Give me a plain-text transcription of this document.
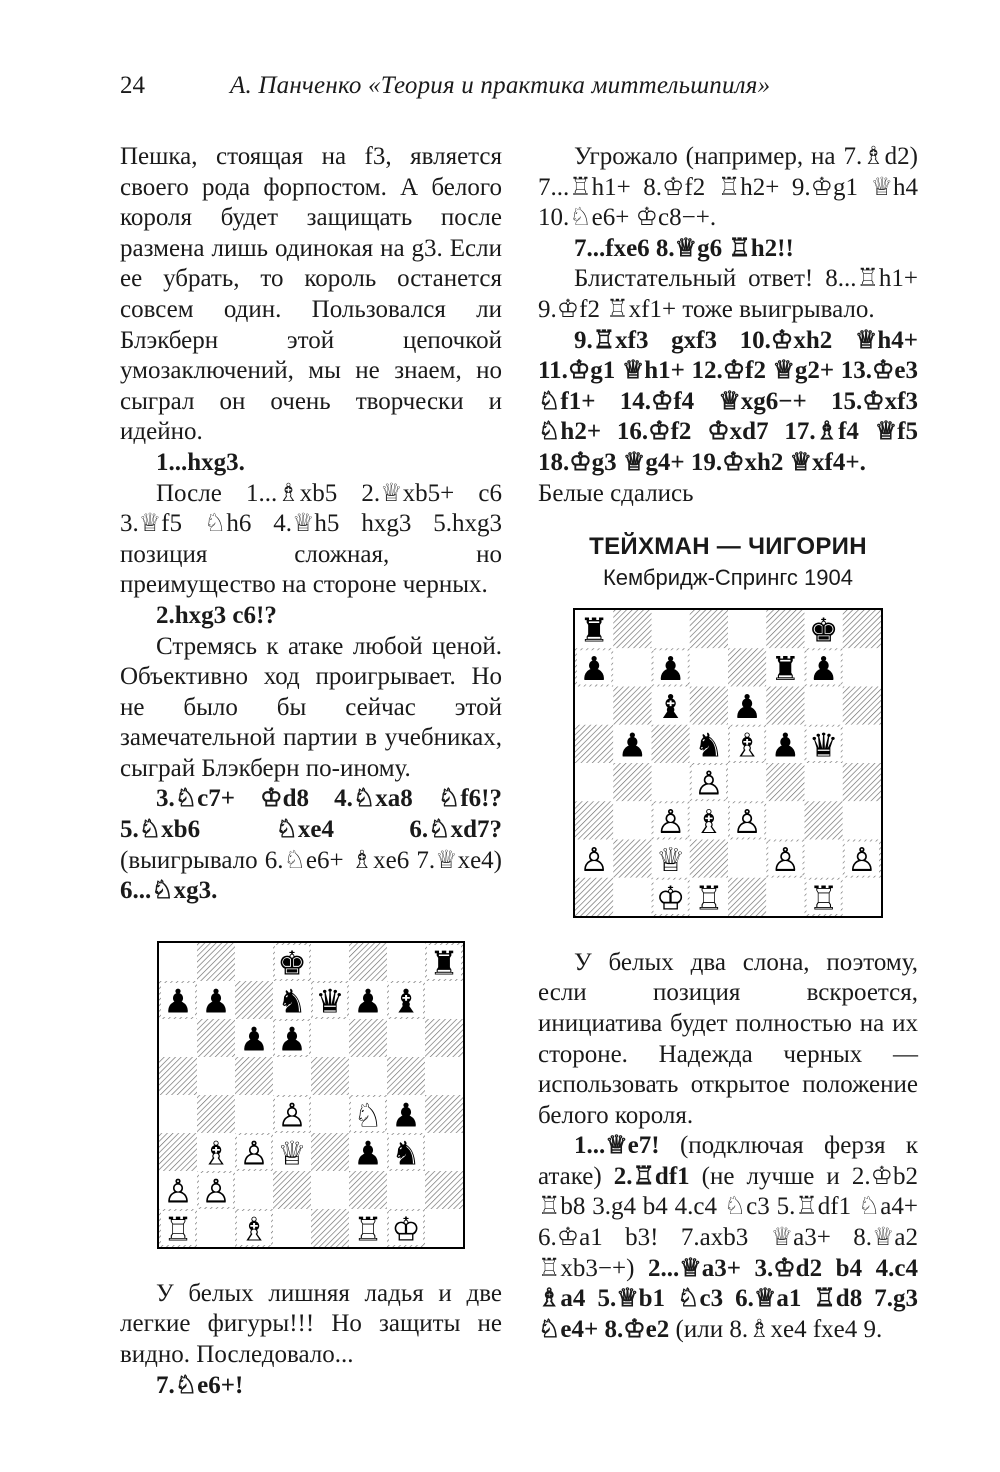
24	А. Панченко «Теория и практика миттельшпиля»

Пешка, стоящая на f3, является своего рода форпостом. А белого короля будет защищать после размена лишь одинокая на g3. Если ее убрать, то король останется совсем один. Пользовался ли Блэкберн этой цепочкой умозаключений, мы не знаем, но сыграл он очень творчески и идейно.

1...hxg3.

После 1...♗xb5 2.♕xb5+ c6 3.♕f5 ♘h6 4.♕h5 hxg3 5.hxg3 позиция сложная, но преимущество на стороне черных.

2.hxg3 c6!?

Стремясь к атаке любой ценой. Объективно ход проигрывает. Но не было бы сейчас этой замечательной партии в учебниках, сыграй Блэкберн по-иному.

3.♘c7+ ♔d8 4.♘xa8 ♘f6!? 5.♘xb6 ♘xe4 6.♘xd7? (выигрывало 6.♘e6+ ♗xe6 7.♕xe4) 6...♘xg3.

♞
♙ ♘
♗ ♙ ♕
♙ ♙
♖ ♗	♖ ♔
♚	♜
♟ ♟	♛ ♟ ♝
♟ ♟
♟
♟ ♞

У белых лишняя ладья и две легкие фигуры!!! Но защиты не видно. Последовало...

7.♘e6+!

Угрожало (например, на 7.♗d2) 7...♖h1+ 8.♔f2 ♖h2+ 9.♔g1 ♕h4 10.♘e6+ ♔c8−+.

7...fxe6 8.♕g6 ♖h2!!

Блистательный ответ! 8...♖h1+ 9.♔f2 ♖xf1+ тоже выигрывало.

9.♖xf3 gxf3 10.♔xh2 ♕h4+ 11.♔g1 ♕h1+ 12.♔f2 ♕g2+ 13.♔e3 ♘f1+ 14.♔f4 ♕xg6−+ 15.♔xf3 ♘h2+ 16.♔f2 ♔xd7 17.♗f4 ♕f5 18.♔g3 ♕g4+ 19.♔xh2 ♕xf4+.

Белые сдались

ТЕЙХМАН — ЧИГОРИН
Кембридж-Спрингс 1904

♗
♙
♙ ♗ ♙
♙ ♕	♙ ♙
♔ ♖	♖
♜	♚
♟ ♟	♜ ♟
♝ ♟
♟ ♞ ♟ ♛

У белых два слона, поэтому, если позиция вскроется, инициатива будет полностью на их стороне. Надежда черных — использовать открытое положение белого короля.

1...♕e7! (подключая ферзя к атаке) 2.♖df1 (не лучше и 2.♔b2 ♖b8 3.g4 b4 4.c4 ♘c3 5.♖df1 ♘a4+ 6.♔a1 b3! 7.axb3 ♕a3+ 8.♕a2 ♖xb3−+) 2...♕a3+ 3.♔d2 b4 4.c4 ♗a4 5.♕b1 ♘c3 6.♕a1 ♖d8 7.g3 ♘e4+ 8.♔e2 (или 8.♗xe4 fxe4 9.
